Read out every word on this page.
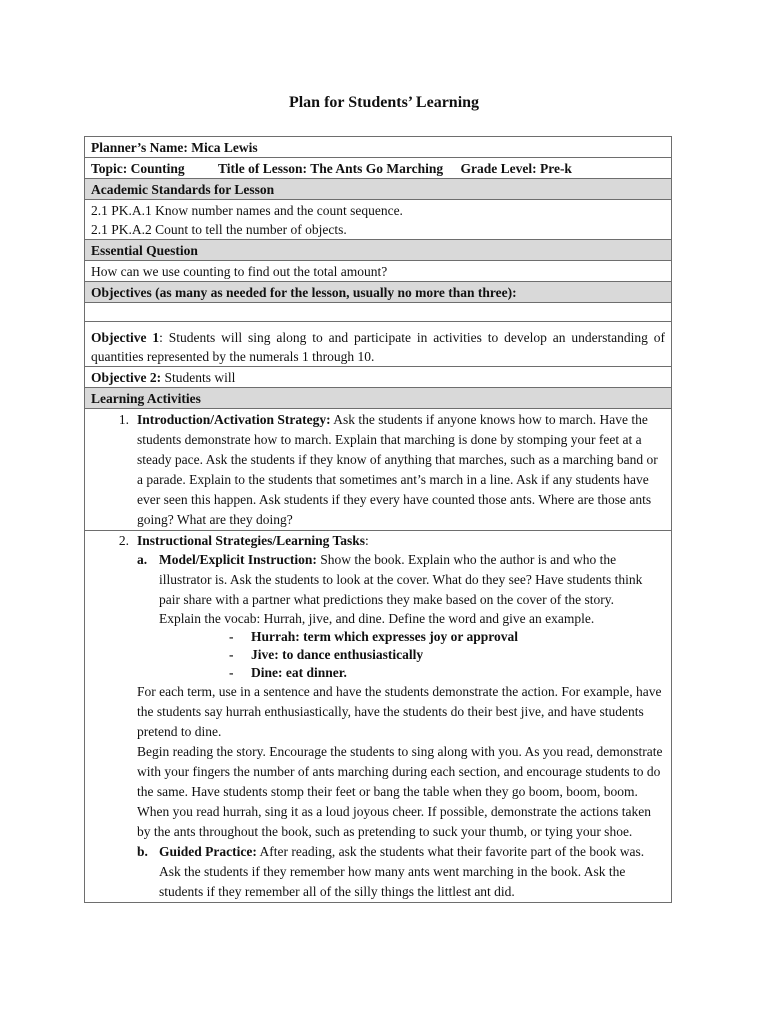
Plan for Students’ Learning
Planner’s Name: Mica Lewis
Topic: Counting Title of Lesson: The Ants Go Marching Grade Level: Pre-k
Academic Standards for Lesson
2.1 PK.A.1 Know number names and the count sequence.
2.1 PK.A.2 Count to tell the number of objects.
Essential Question
How can we use counting to find out the total amount?
Objectives (as many as needed for the lesson, usually no more than three):
Objective 1: Students will sing along to and participate in activities to develop an understanding of quantities represented by the numerals 1 through 10.
Objective 2: Students will
Learning Activities
1. Introduction/Activation Strategy: Ask the students if anyone knows how to march. Have the students demonstrate how to march. Explain that marching is done by stomping your feet at a steady pace. Ask the students if they know of anything that marches, such as a marching band or a parade. Explain to the students that sometimes ant’s march in a line. Ask if any students have ever seen this happen. Ask students if they every have counted those ants. Where are those ants going? What are they doing?
2. Instructional Strategies/Learning Tasks:
a. Model/Explicit Instruction: Show the book. Explain who the author is and who the illustrator is. Ask the students to look at the cover. What do they see? Have students think pair share with a partner what predictions they make based on the cover of the story.
Explain the vocab: Hurrah, jive, and dine. Define the word and give an example.
-	Hurrah: term which expresses joy or approval
-	Jive: to dance enthusiastically
-	Dine: eat dinner.
For each term, use in a sentence and have the students demonstrate the action. For example, have the students say hurrah enthusiastically, have the students do their best jive, and have students pretend to dine.
Begin reading the story. Encourage the students to sing along with you. As you read, demonstrate with your fingers the number of ants marching during each section, and encourage students to do the same. Have students stomp their feet or bang the table when they go boom, boom, boom. When you read hurrah, sing it as a loud joyous cheer. If possible, demonstrate the actions taken by the ants throughout the book, such as pretending to suck your thumb, or tying your shoe.
b. Guided Practice: After reading, ask the students what their favorite part of the book was. Ask the students if they remember how many ants went marching in the book. Ask the students if they remember all of the silly things the littlest ant did.
